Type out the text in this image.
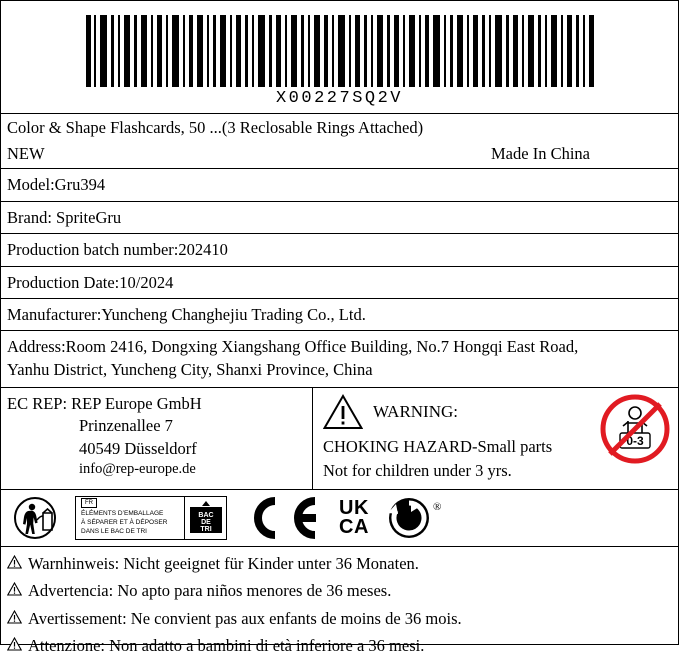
X00227SQ2V
Color & Shape Flashcards, 50 ...(3 Reclosable Rings Attached)
NEW	Made In China
Model:Gru394
Brand: SpriteGru
Production batch number:202410
Production Date:10/2024
Manufacturer:Yuncheng Changhejiu Trading Co., Ltd.
Address:Room 2416, Dongxing Xiangshang Office Building, No.7 Hongqi East Road,
Yanhu District, Yuncheng City, Shanxi Province, China
EC REP: REP Europe GmbH
Prinzenallee 7
40549 Düsseldorf
info@rep-europe.de
0-3
WARNING:
CHOKING HAZARD-Small parts
Not for children under 3 yrs.
FR
ÉLÉMENTS D’EMBALLAGE
À SÉPARER ET À DÉPOSER
DANS LE BAC DE TRI
BAC
DE
TRI
UK
CA
®
Warnhinweis: Nicht geeignet für Kinder unter 36 Monaten.
Advertencia: No apto para niños menores de 36 meses.
Avertissement: Ne convient pas aux enfants de moins de 36 mois.
Attenzione: Non adatto a bambini di età inferiore a 36 mesi.
